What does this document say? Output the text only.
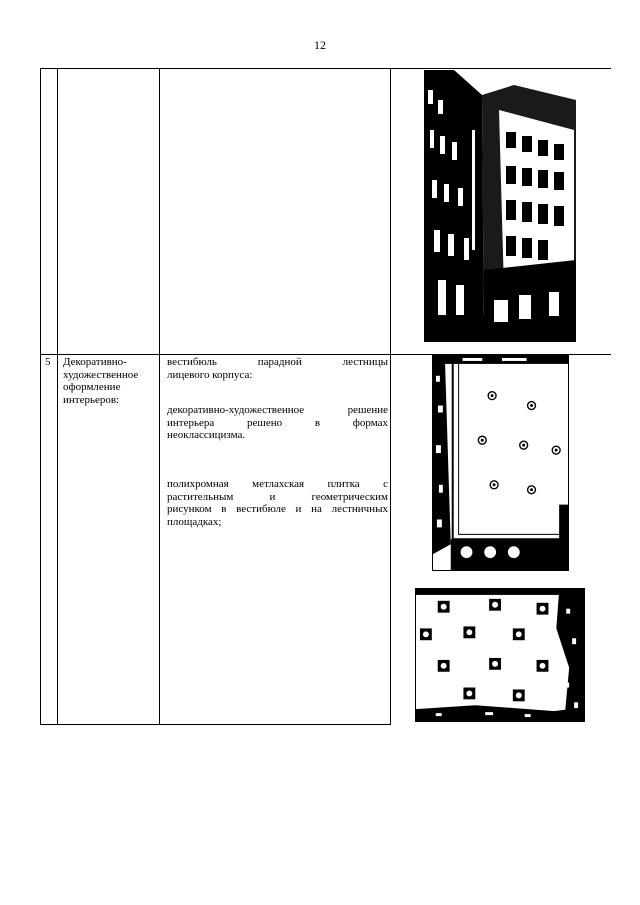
12
5 Декоративно-
художественное
оформление
интерьеров:
вестибюль парадной лестницы
лицевого корпуса:
декоративно-художественное решение
интерьера решено в формах
неоклассицизма.
полихромная метлахская плитка с
растительным и геометрическим
рисунком в вестибюле и на лестничных
площадках;
